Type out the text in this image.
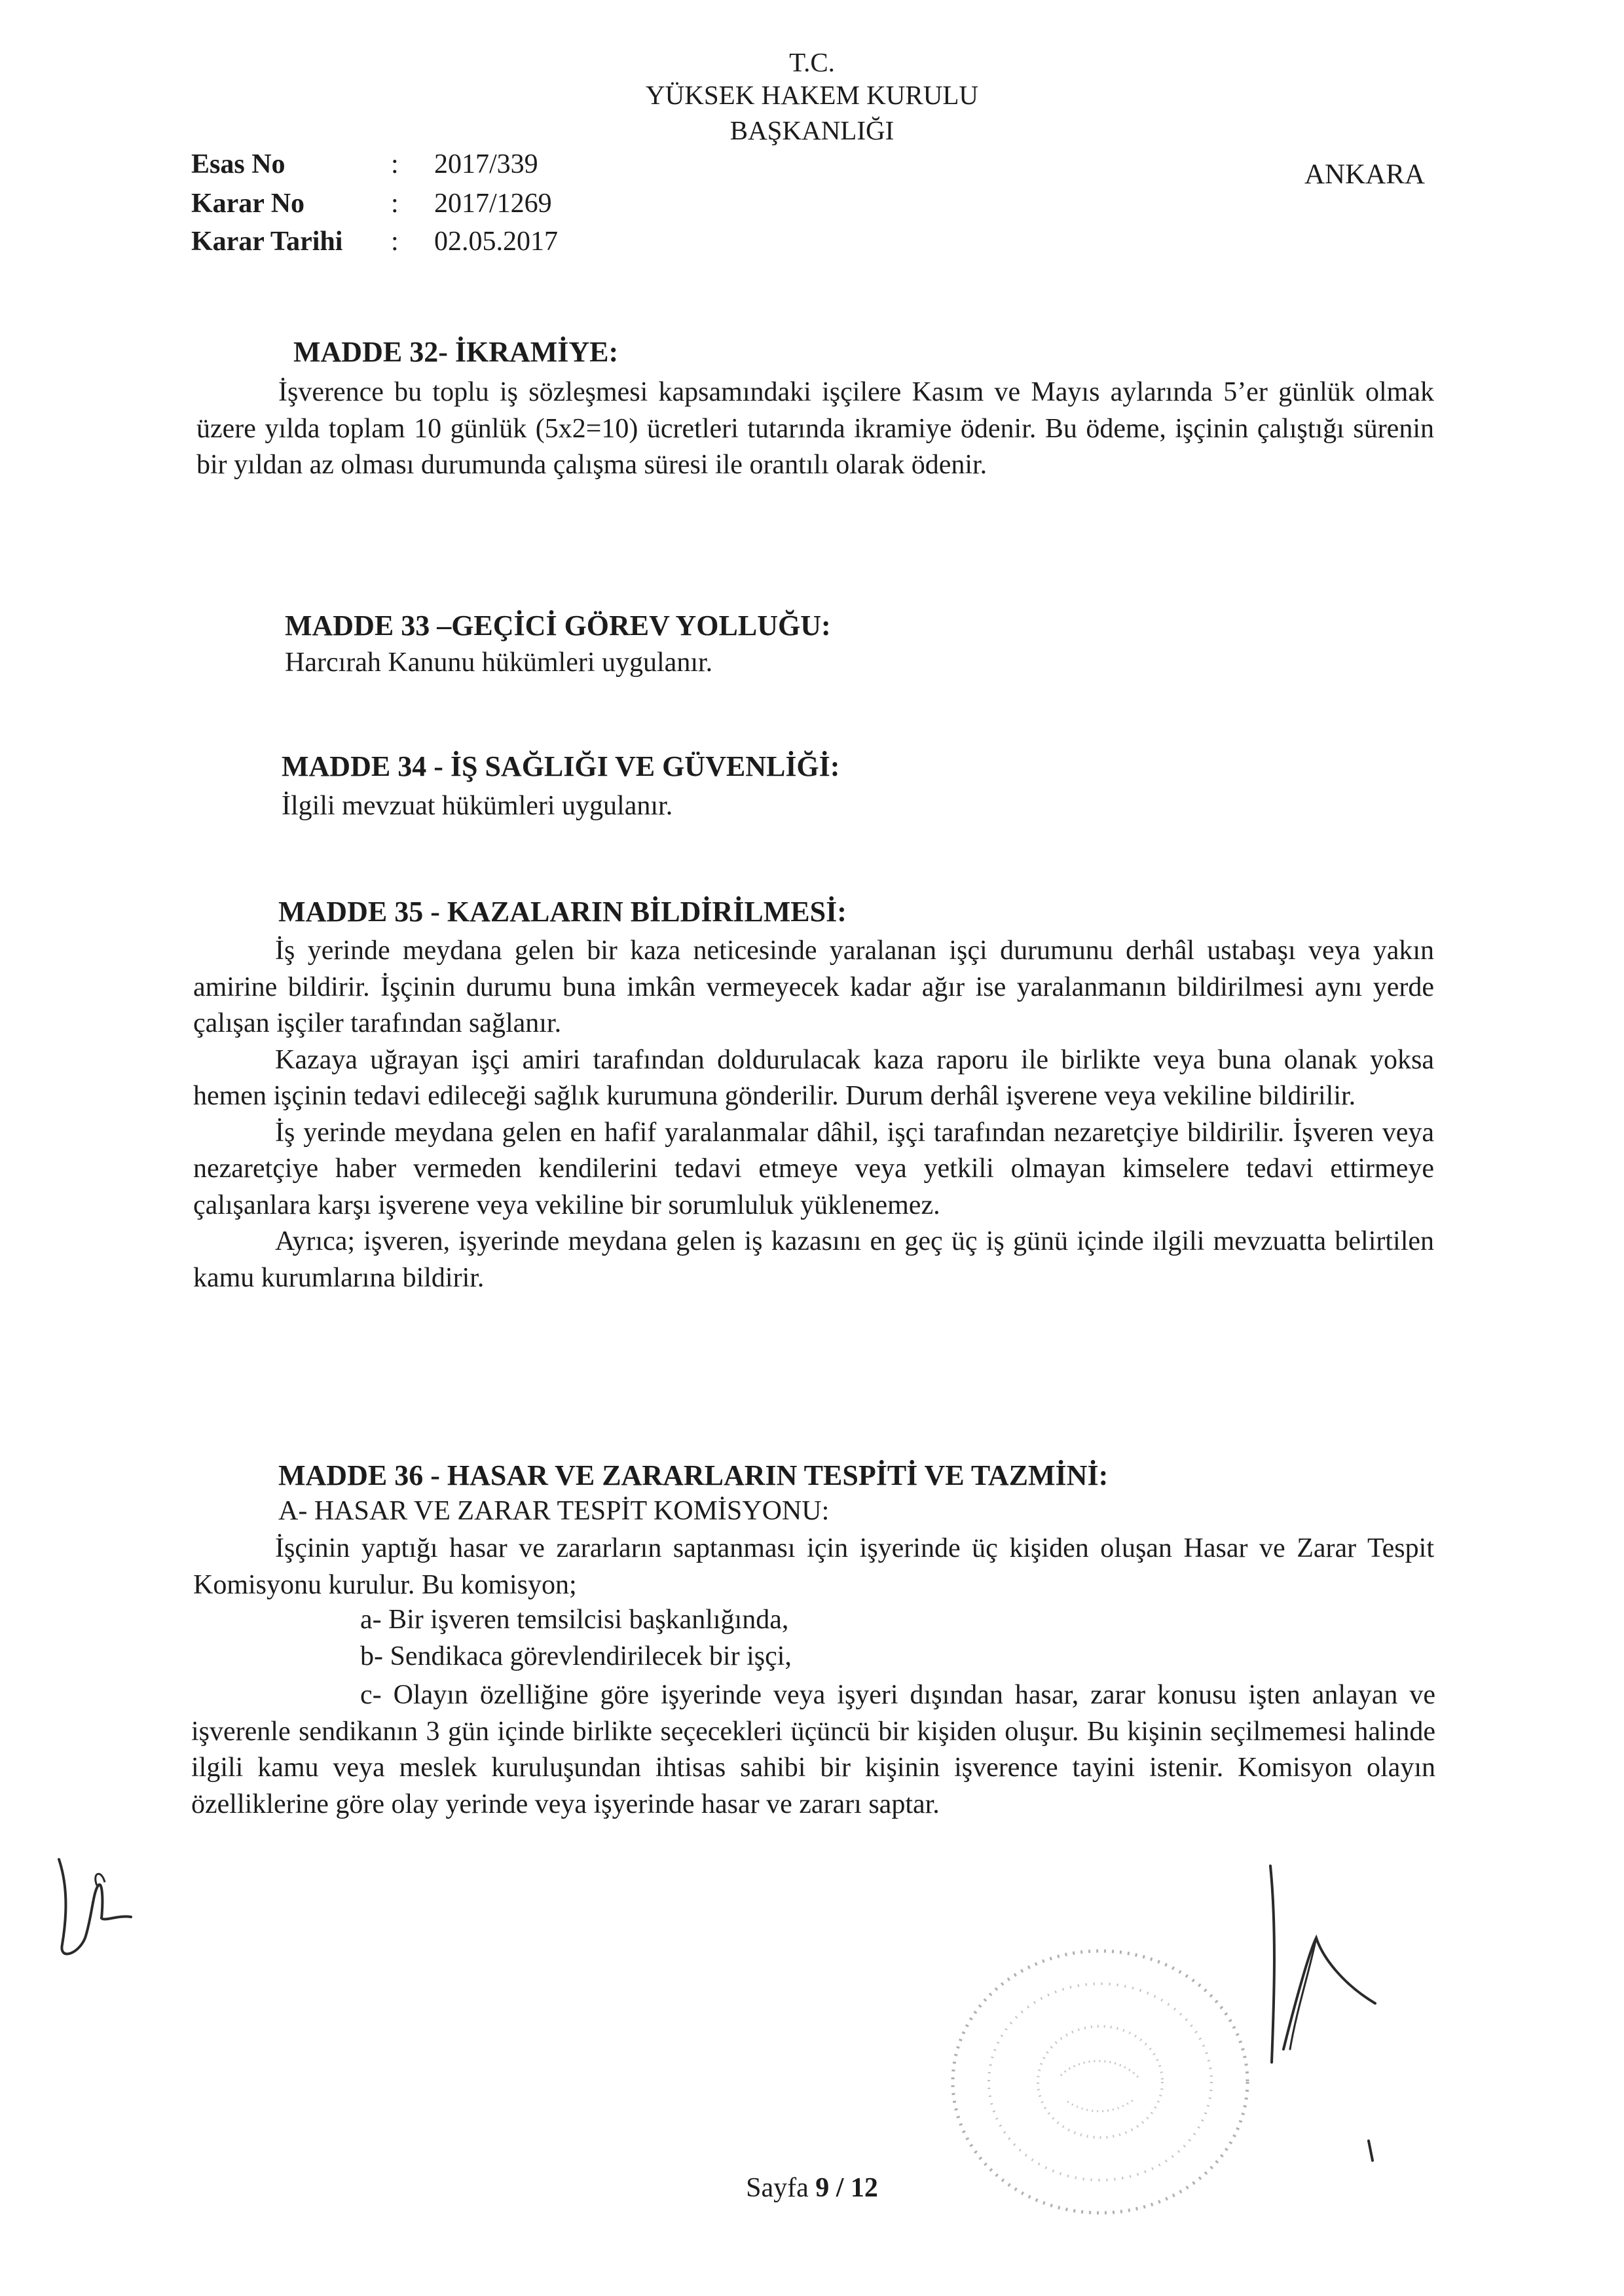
T.C.
YÜKSEK HAKEM KURULU
BAŞKANLIĞI
Esas No	: 2017/339
Karar No	: 2017/1269
Karar Tarihi : 02.05.2017
ANKARA
MADDE 32- İKRAMİYE:
İşverence bu toplu iş sözleşmesi kapsamındaki işçilere Kasım ve Mayıs aylarında 5’er günlük olmak üzere yılda toplam 10 günlük (5x2=10) ücretleri tutarında ikramiye ödenir. Bu ödeme, işçinin çalıştığı sürenin bir yıldan az olması durumunda çalışma süresi ile orantılı olarak ödenir.
MADDE 33 –GEÇİCİ GÖREV YOLLUĞU:
Harcırah Kanunu hükümleri uygulanır.
MADDE 34 - İŞ SAĞLIĞI VE GÜVENLİĞİ:
İlgili mevzuat hükümleri uygulanır.
MADDE 35 - KAZALARIN BİLDİRİLMESİ:
İş yerinde meydana gelen bir kaza neticesinde yaralanan işçi durumunu derhâl ustabaşı veya yakın amirine bildirir. İşçinin durumu buna imkân vermeyecek kadar ağır ise yaralanmanın bildirilmesi aynı yerde çalışan işçiler tarafından sağlanır.
Kazaya uğrayan işçi amiri tarafından doldurulacak kaza raporu ile birlikte veya buna olanak yoksa hemen işçinin tedavi edileceği sağlık kurumuna gönderilir. Durum derhâl işverene veya vekiline bildirilir.
İş yerinde meydana gelen en hafif yaralanmalar dâhil, işçi tarafından nezaretçiye bildirilir. İşveren veya nezaretçiye haber vermeden kendilerini tedavi etmeye veya yetkili olmayan kimselere tedavi ettirmeye çalışanlara karşı işverene veya vekiline bir sorumluluk yüklenemez.
Ayrıca; işveren, işyerinde meydana gelen iş kazasını en geç üç iş günü içinde ilgili mevzuatta belirtilen kamu kurumlarına bildirir.
MADDE 36 - HASAR VE ZARARLARIN TESPİTİ VE TAZMİNİ:
A- HASAR VE ZARAR TESPİT KOMİSYONU:
İşçinin yaptığı hasar ve zararların saptanması için işyerinde üç kişiden oluşan Hasar ve Zarar Tespit Komisyonu kurulur. Bu komisyon;
a- Bir işveren temsilcisi başkanlığında,
b- Sendikaca görevlendirilecek bir işçi,
c- Olayın özelliğine göre işyerinde veya işyeri dışından hasar, zarar konusu işten anlayan ve işverenle sendikanın 3 gün içinde birlikte seçecekleri üçüncü bir kişiden oluşur. Bu kişinin seçilmemesi halinde ilgili kamu veya meslek kuruluşundan ihtisas sahibi bir kişinin işverence tayini istenir. Komisyon olayın özelliklerine göre olay yerinde veya işyerinde hasar ve zararı saptar.
Sayfa 9 / 12
